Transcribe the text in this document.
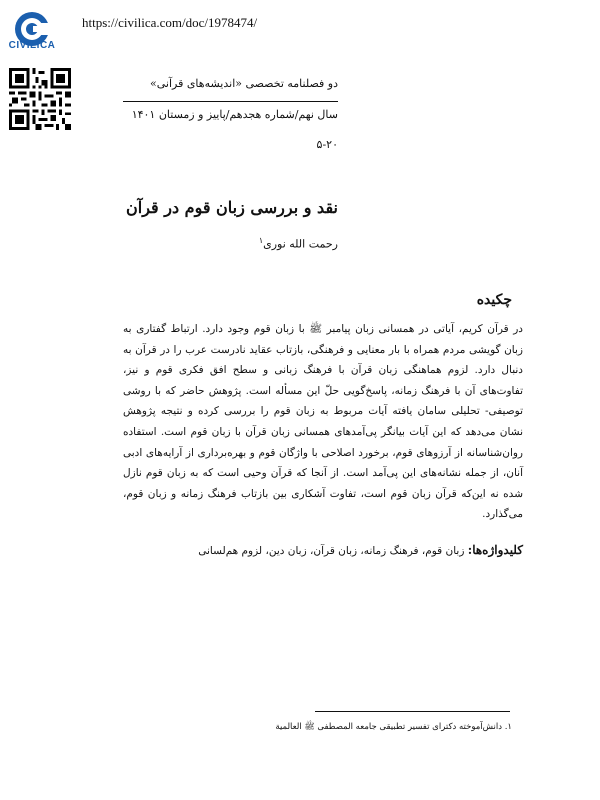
CIVILICA
https://civilica.com/doc/1978474/
دو فصلنامه تخصصی «اندیشه‌های قرآنی»
سال نهم/شماره هجدهم/پاییز و زمستان ۱۴۰۱
۵-۲۰
نقد و بررسی زبان قوم در قرآن
رحمت الله نوری$^۱$
چکیده
در قرآن کریم، آیاتی در همسانی زبان پیامبر ﷺ با زبان قوم وجود دارد. ارتباط گفتاری به زبان گویشی مردم همراه با بار معنایی و فرهنگی، بازتاب عقاید نادرست عرب را در قرآن به دنبال دارد. لزوم هماهنگی زبان قرآن با فرهنگ زبانی و سطح افق فکری قوم و نیز، تفاوت‌های آن با فرهنگ زمانه، پاسخ‌گویی حلّ این مسأله است. پژوهش حاضر که با روشی توصیفی- تحلیلی سامان یافته آیات مربوط به زبان قوم را بررسی کرده و نتیجه پژوهش نشان می‌دهد که این آیات بیانگر پی‌آمدهای همسانی زبان قرآن با زبان قوم است. استفاده روان‌شناسانه از آرزوهای قوم، برخورد اصلاحی با واژگان قوم و بهره‌برداری از آرایه‌های ادبی آنان، از جمله نشانه‌های این پی‌آمد است. از آنجا که قرآن وحیی است که به زبان قوم نازل شده نه این‌که قرآن زبان قوم است، تفاوت آشکاری بین بازتاب فرهنگ زمانه و زبان قوم، می‌گذارد.
کلیدواژه‌ها: زبان قوم، فرهنگ زمانه، زبان قرآن، زبان دین، لزوم هم‌لسانی
۱. دانش‌آموخته دکترای تفسیر تطبیقی جامعه المصطفی ﷺ العالمیة
